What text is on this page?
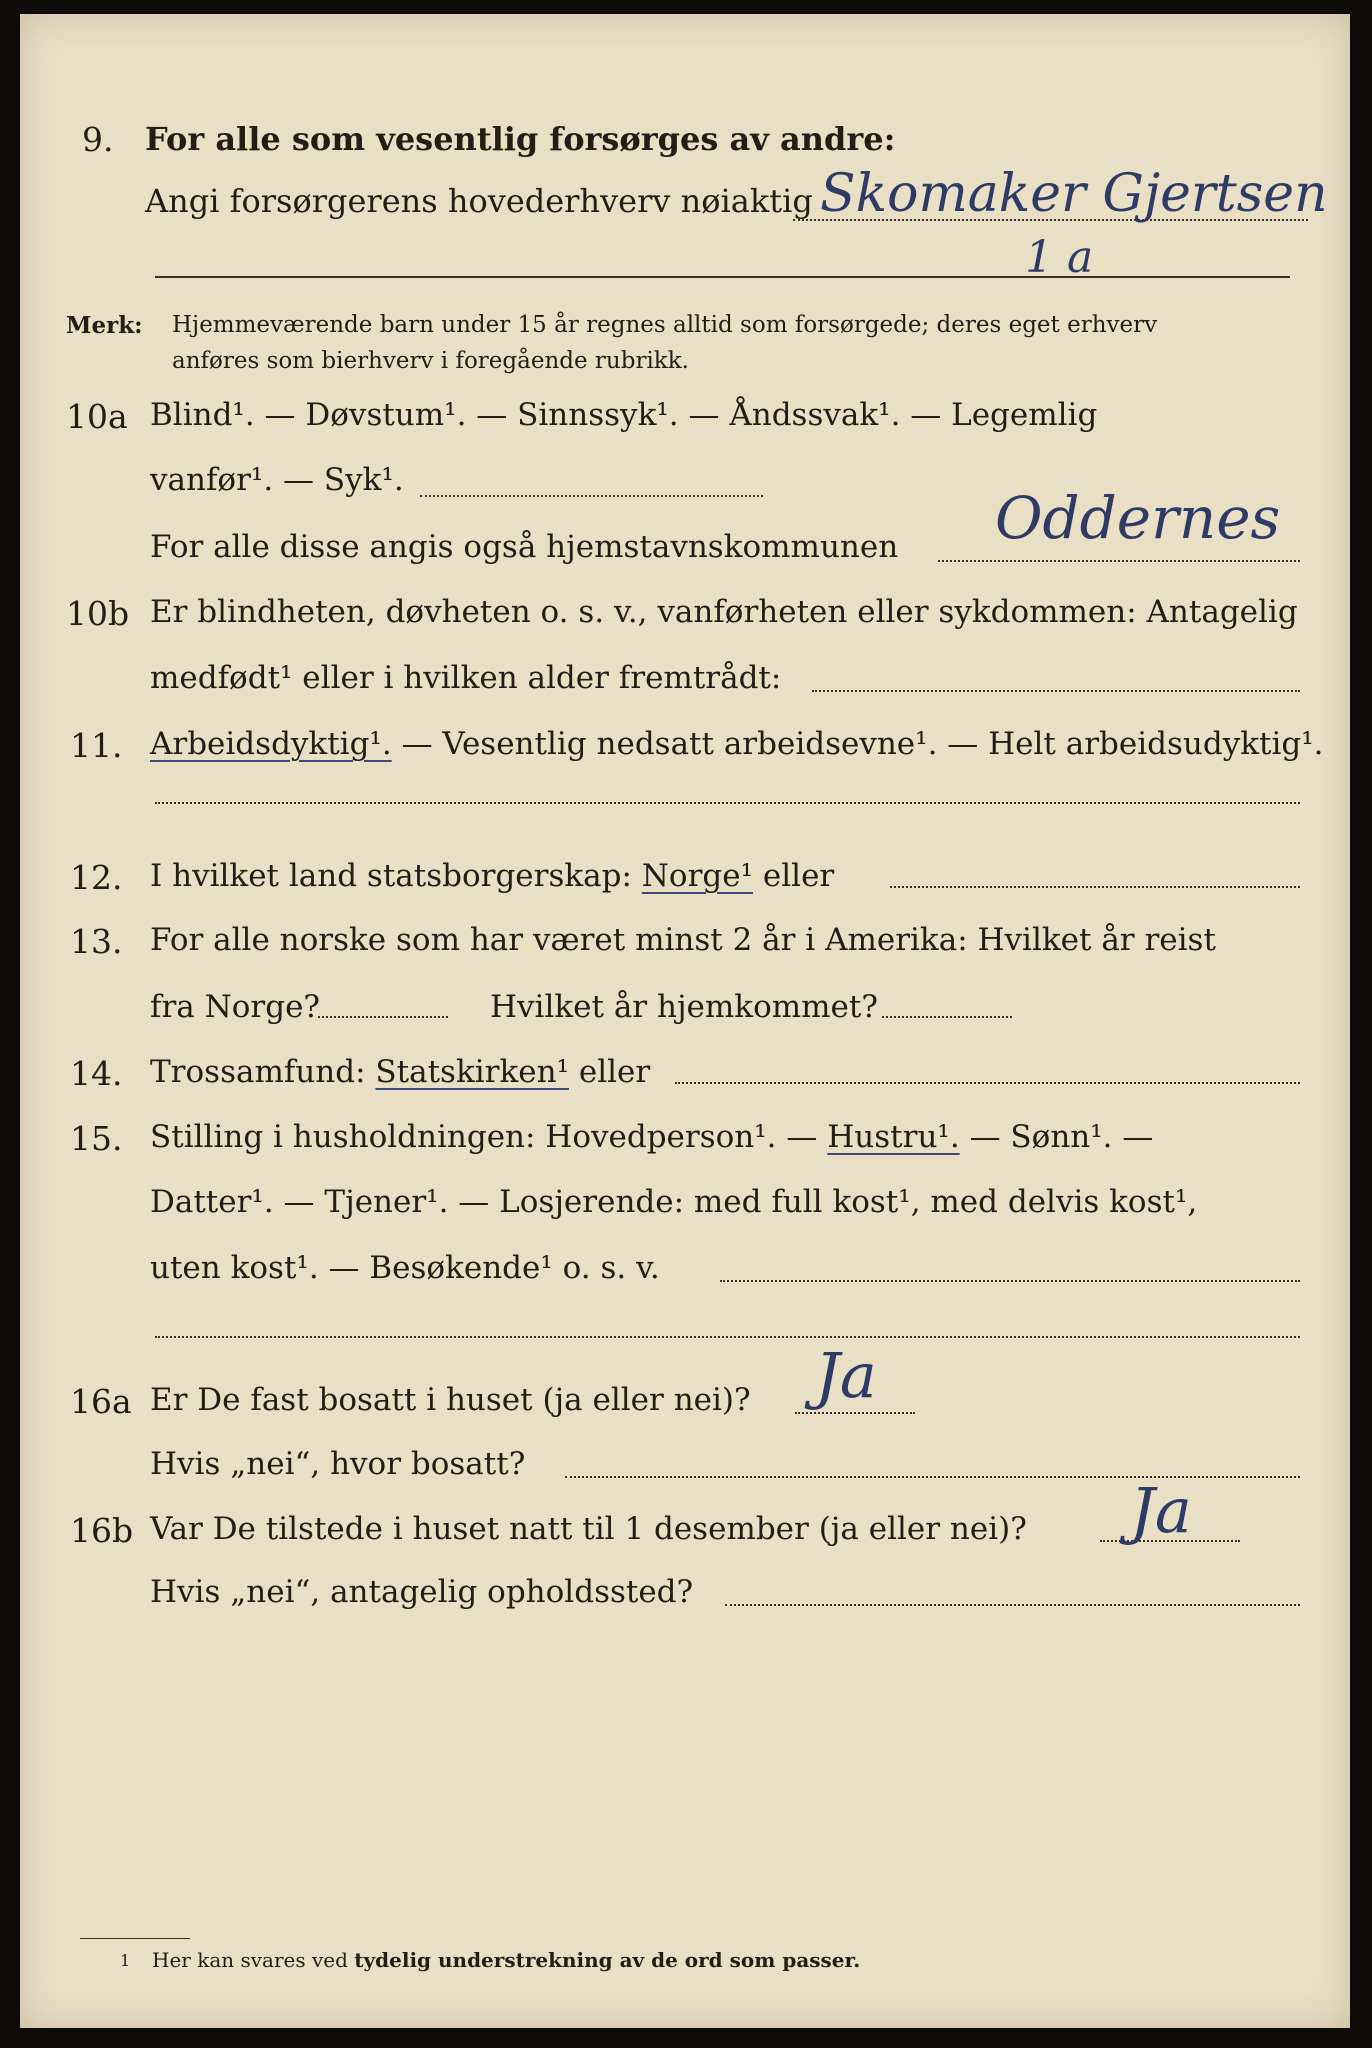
9. For alle som vesentlig forsørges av andre:
Angi forsørgerens hovederhverv nøiaktig Skomaker Gjertsen
1 a
Merk: Hjemmeværende barn under 15 år regnes alltid som forsørgede; deres eget erhverv
anføres som bierhverv i foregående rubrikk.
10a Blind¹. — Døvstum¹. — Sinnssyk¹. — Åndssvak¹. — Legemlig
vanfør¹. — Syk¹.
For alle disse angis også hjemstavnskommunen Oddernes
10b Er blindheten, døvheten o. s. v., vanførheten eller sykdommen: Antagelig
medfødt¹ eller i hvilken alder fremtrådt:
11. Arbeidsdyktig¹. — Vesentlig nedsatt arbeidsevne¹. — Helt arbeidsudyktig¹.
12. I hvilket land statsborgerskap: Norge¹ eller
13. For alle norske som har været minst 2 år i Amerika: Hvilket år reist
fra Norge?	Hvilket år hjemkommet?
14. Trossamfund: Statskirken¹ eller
15. Stilling i husholdningen: Hovedperson¹. — Hustru¹. — Sønn¹. —
Datter¹. — Tjener¹. — Losjerende: med full kost¹, med delvis kost¹,
uten kost¹. — Besøkende¹ o. s. v.
16a Er De fast bosatt i huset (ja eller nei)? Ja
Hvis „nei“, hvor bosatt?
16b Var De tilstede i huset natt til 1 desember (ja eller nei)? Ja
Hvis „nei“, antagelig opholdssted?
1 Her kan svares ved tydelig understrekning av de ord som passer.
